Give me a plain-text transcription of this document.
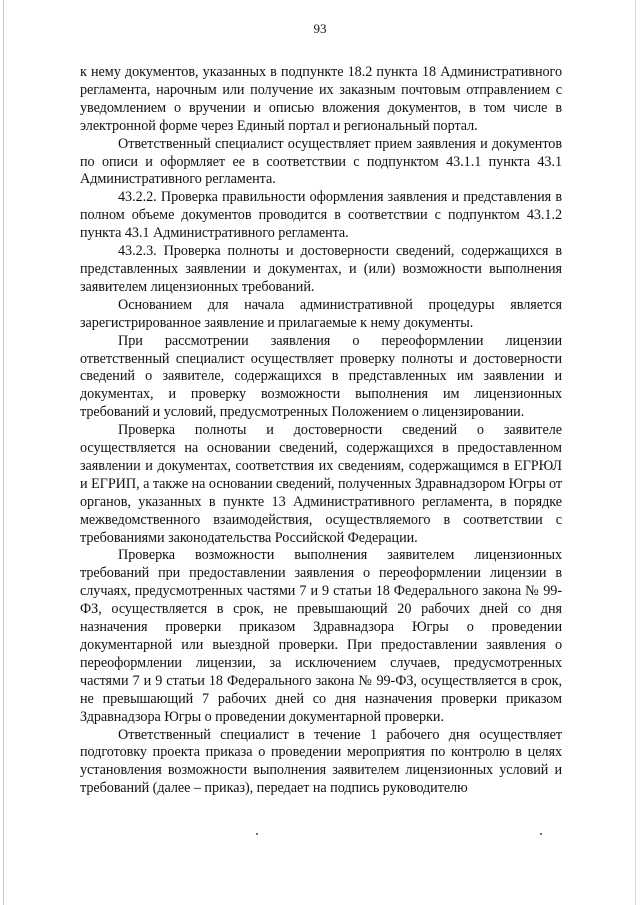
93

к нему документов, указанных в подпункте 18.2 пункта 18 Административного регламента, нарочным или получение их заказным почтовым отправлением с уведомлением о вручении и описью вложения документов, в том числе в электронной форме через Единый портал и региональный портал.

Ответственный специалист осуществляет прием заявления и документов по описи и оформляет ее в соответствии с подпунктом 43.1.1 пункта 43.1 Административного регламента.

43.2.2. Проверка правильности оформления заявления и представления в полном объеме документов проводится в соответствии с подпунктом 43.1.2 пункта 43.1 Административного регламента.

43.2.3. Проверка полноты и достоверности сведений, содержащихся в представленных заявлении и документах, и (или) возможности выполнения заявителем лицензионных требований.

Основанием для начала административной процедуры является зарегистрированное заявление и прилагаемые к нему документы.

При рассмотрении заявления о переоформлении лицензии ответственный специалист осуществляет проверку полноты и достоверности сведений о заявителе, содержащихся в представленных им заявлении и документах, и проверку возможности выполнения им лицензионных требований и условий, предусмотренных Положением о лицензировании.

Проверка полноты и достоверности сведений о заявителе осуществляется на основании сведений, содержащихся в предоставленном заявлении и документах, соответствия их сведениям, содержащимся в ЕГРЮЛ и ЕГРИП, а также на основании сведений, полученных Здравнадзором Югры от органов, указанных в пункте 13 Административного регламента, в порядке межведомственного взаимодействия, осуществляемого в соответствии с требованиями законодательства Российской Федерации.

Проверка возможности выполнения заявителем лицензионных требований при предоставлении заявления о переоформлении лицензии в случаях, предусмотренных частями 7 и 9 статьи 18 Федерального закона № 99-ФЗ, осуществляется в срок, не превышающий 20 рабочих дней со дня назначения проверки приказом Здравнадзора Югры о проведении документарной или выездной проверки. При предоставлении заявления о переоформлении лицензии, за исключением случаев, предусмотренных частями 7 и 9 статьи 18 Федерального закона № 99-ФЗ, осуществляется в срок, не превышающий 7 рабочих дней со дня назначения проверки приказом Здравнадзора Югры о проведении документарной проверки.

Ответственный специалист в течение 1 рабочего дня осуществляет подготовку проекта приказа о проведении мероприятия по контролю в целях установления возможности выполнения заявителем лицензионных условий и требований (далее – приказ), передает на подпись руководителю
